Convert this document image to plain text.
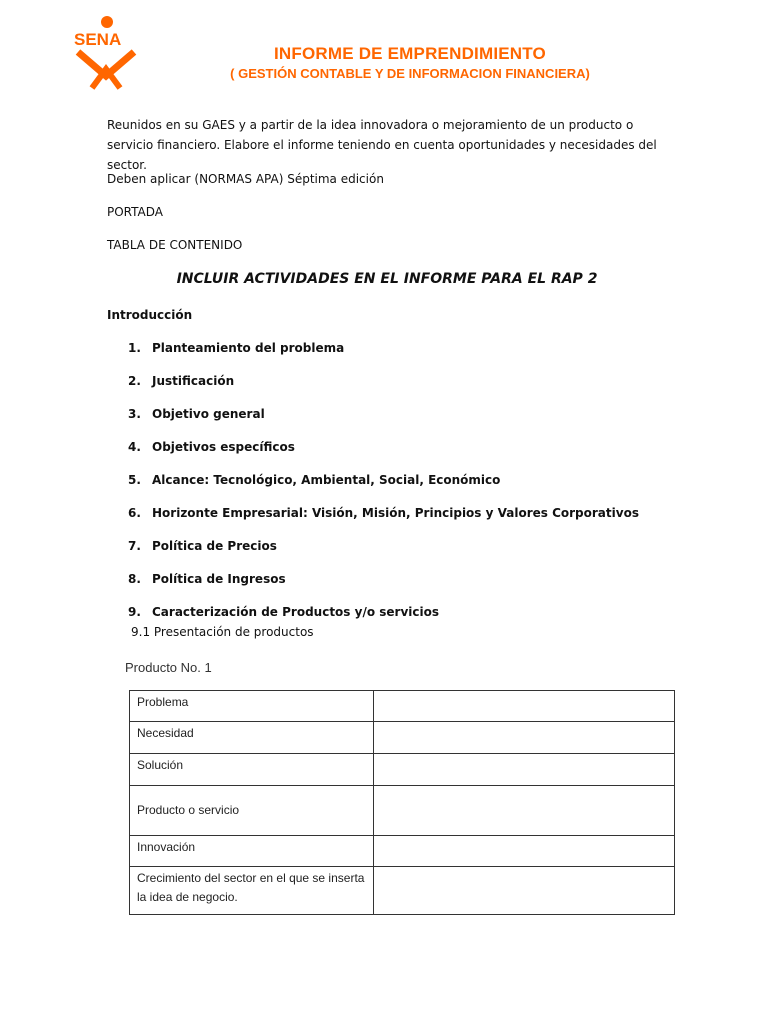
SENA
INFORME DE EMPRENDIMIENTO
( GESTIÓN CONTABLE Y DE INFORMACION FINANCIERA)
Reunidos en su GAES y a partir de la idea innovadora o mejoramiento de un producto o servicio financiero. Elabore el informe teniendo en cuenta oportunidades y necesidades del sector.
Deben aplicar (NORMAS APA) Séptima edición
PORTADA
TABLA DE CONTENIDO
INCLUIR ACTIVIDADES EN EL INFORME PARA EL RAP 2
Introducción
1. Planteamiento del problema
2. Justificación
3. Objetivo general
4. Objetivos específicos
5. Alcance: Tecnológico, Ambiental, Social, Económico
6. Horizonte Empresarial: Visión, Misión, Principios y Valores Corporativos
7. Política de Precios
8. Política de Ingresos
9. Caracterización de Productos y/o servicios
9.1 Presentación de productos
Producto No. 1
Problema	
Necesidad	
Solución	
Producto o servicio	
Innovación	
Crecimiento del sector en el que se inserta la idea de negocio.	
